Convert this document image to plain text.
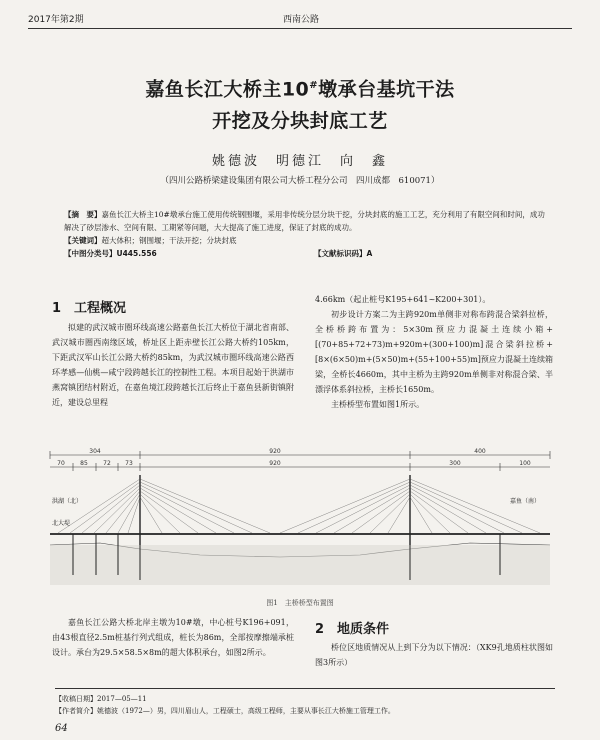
2017年第2期	西南公路
嘉鱼长江大桥主10#墩承台基坑干法
开挖及分块封底工艺
姚德波　明德江　向　鑫
（四川公路桥梁建设集团有限公司大桥工程分公司　四川成都　610071）
【摘　要】嘉鱼长江大桥主10#墩承台施工使用传统钢围堰，采用非传统分层分块干挖，分块封底的施工工艺，充分利用了有限空间和时间，成功解决了砂层渗水、空间有限、工期紧等问题，大大提高了施工进度，保证了封底的成功。
【关键词】超大体积；钢围堰；干法开挖；分块封底
【中图分类号】U445.556	【文献标识码】A
1　工程概况

拟建的武汉城市圈环线高速公路嘉鱼长江大桥位于湖北省南部、武汉城市圈西南缘区域，桥址区上距赤壁长江公路大桥约105km，下距武汉军山长江公路大桥约85km，为武汉城市圈环线高速公路西环孝感—仙桃—咸宁段跨越长江的控制性工程。本项目起始于洪湖市燕窝镇团结村附近，在嘉鱼境江段跨越长江后终止于嘉鱼县新街镇附近，建设总里程

4.66km（起止桩号K195+641~K200+301）。

初步设计方案二为主跨920m单侧非对称布跨混合梁斜拉桥，全桥桥跨布置为：5×30m预应力混凝土连续小箱+[(70+85+72+73)m+920m+(300+100)m]混合梁斜拉桥+[8×(6×50)m+(5×50)m+(55+100+55)m]预应力混凝土连续箱梁，全桥长4660m，其中主桥为主跨920m单侧非对称混合梁、半漂浮体系斜拉桥，主桥长1650m。

主桥桥型布置如图1所示。

304	920	400
70	85	72 73	920	300	100
洪湖（北）	嘉鱼（南）
北大堤
图1　主桥桥型布置图

嘉鱼长江公路大桥北岸主墩为10#墩，中心桩号K196+091，由43根直径2.5m桩基行列式组成，桩长为86m，全部按摩擦端承桩设计。承台为29.5×58.5×8m的超大体积承台，如图2所示。

2　地质条件

桥位区地质情况从上到下分为以下情况：（XK9孔地质柱状图如图3所示）

【收稿日期】2017—05—11
【作者简介】姚德波（1972—）男，四川眉山人，工程硕士，高级工程师，主要从事长江大桥施工管理工作。
64
